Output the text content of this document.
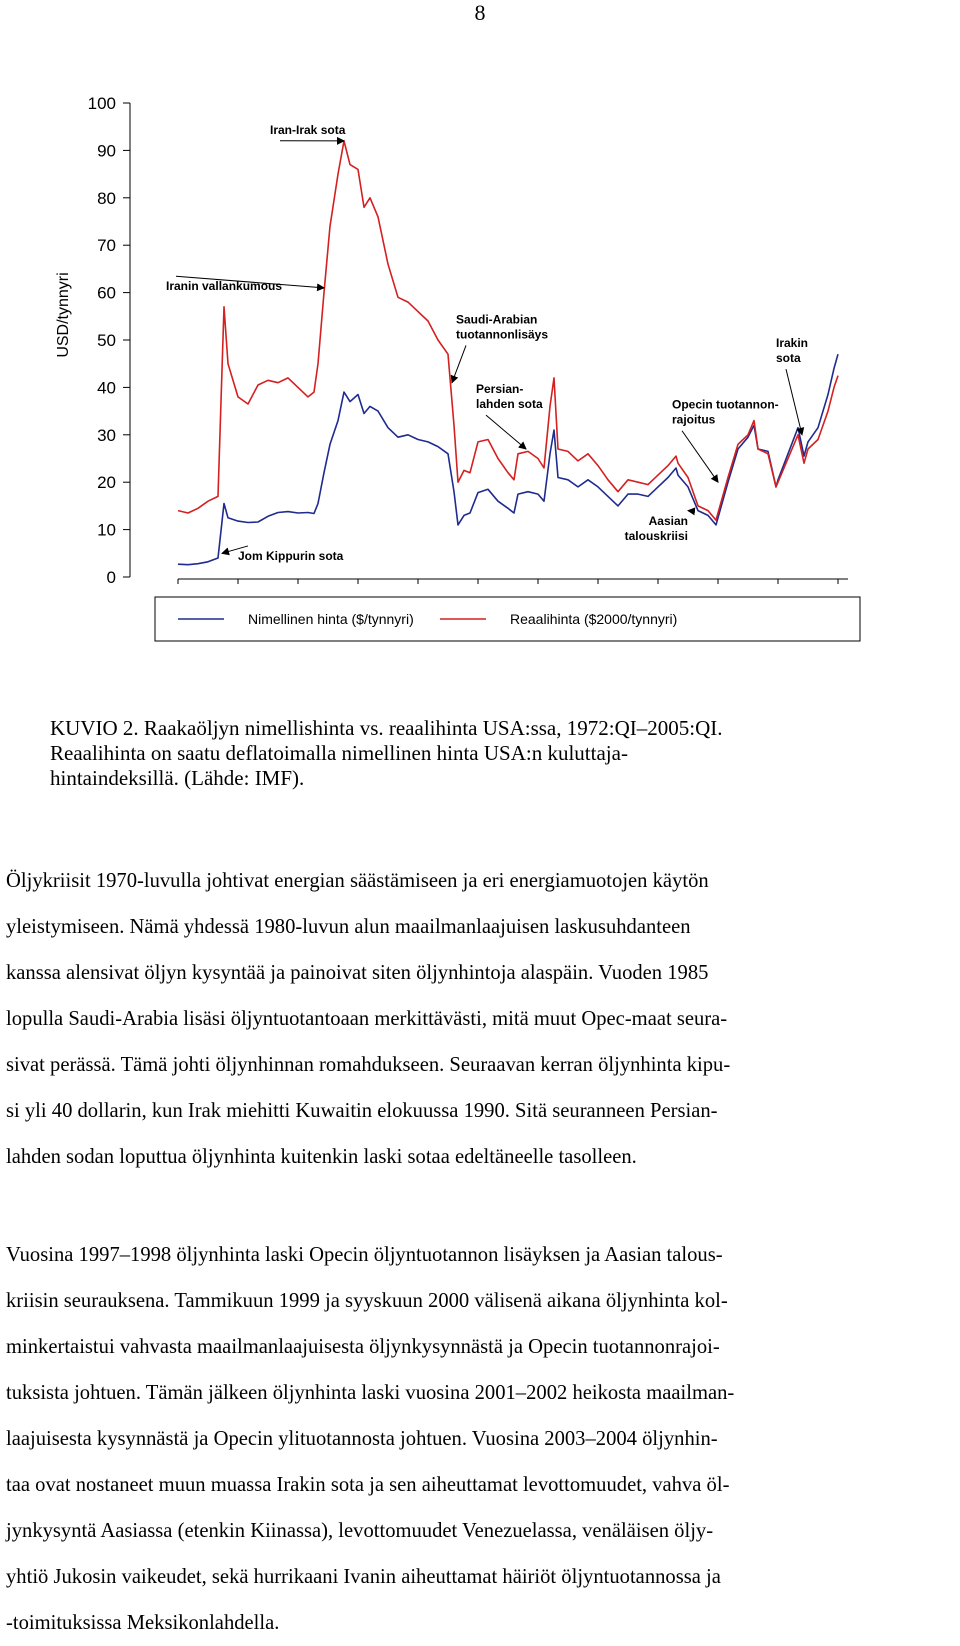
8
0
10
20
30
40
50
60
70
80
90
100
USD/tynnyri
Iran-Irak sota
Iranin vallankumous
Saudi-Arabian
tuotannonlisäys
Persian-
lahden sota	Opecin tuotannon-
rajoitus
Irakin
sota
Aasian
talouskriisi
Jom Kippurin sota
Nimellinen hinta ($/tynnyri)	Reaalihinta ($2000/tynnyri)
KUVIO 2. Raakaöljyn nimellishinta vs. reaalihinta USA:ssa, 1972:QI–2005:QI.
Reaalihinta on saatu deflatoimalla nimellinen hinta USA:n kuluttaja-
hintaindeksillä. (Lähde: IMF).
Öljykriisit 1970-luvulla johtivat energian säästämiseen ja eri energiamuotojen käytön
yleistymiseen. Nämä yhdessä 1980-luvun alun maailmanlaajuisen laskusuhdanteen
kanssa alensivat öljyn kysyntää ja painoivat siten öljynhintoja alaspäin. Vuoden 1985
lopulla Saudi-Arabia lisäsi öljyntuotantoaan merkittävästi, mitä muut Opec-maat seura-
sivat perässä. Tämä johti öljynhinnan romahdukseen. Seuraavan kerran öljynhinta kipu-
si yli 40 dollarin, kun Irak miehitti Kuwaitin elokuussa 1990. Sitä seuranneen Persian-
lahden sodan loputtua öljynhinta kuitenkin laski sotaa edeltäneelle tasolleen.
Vuosina 1997–1998 öljynhinta laski Opecin öljyntuotannon lisäyksen ja Aasian talous-
kriisin seurauksena. Tammikuun 1999 ja syyskuun 2000 välisenä aikana öljynhinta kol-
minkertaistui vahvasta maailmanlaajuisesta öljynkysynnästä ja Opecin tuotannonrajoi-
tuksista johtuen. Tämän jälkeen öljynhinta laski vuosina 2001–2002 heikosta maailman-
laajuisesta kysynnästä ja Opecin ylituotannosta johtuen. Vuosina 2003–2004 öljynhin-
taa ovat nostaneet muun muassa Irakin sota ja sen aiheuttamat levottomuudet, vahva öl-
jynkysyntä Aasiassa (etenkin Kiinassa), levottomuudet Venezuelassa, venäläisen öljy-
yhtiö Jukosin vaikeudet, sekä hurrikaani Ivanin aiheuttamat häiriöt öljyntuotannossa ja
-toimituksissa Meksikonlahdella.
